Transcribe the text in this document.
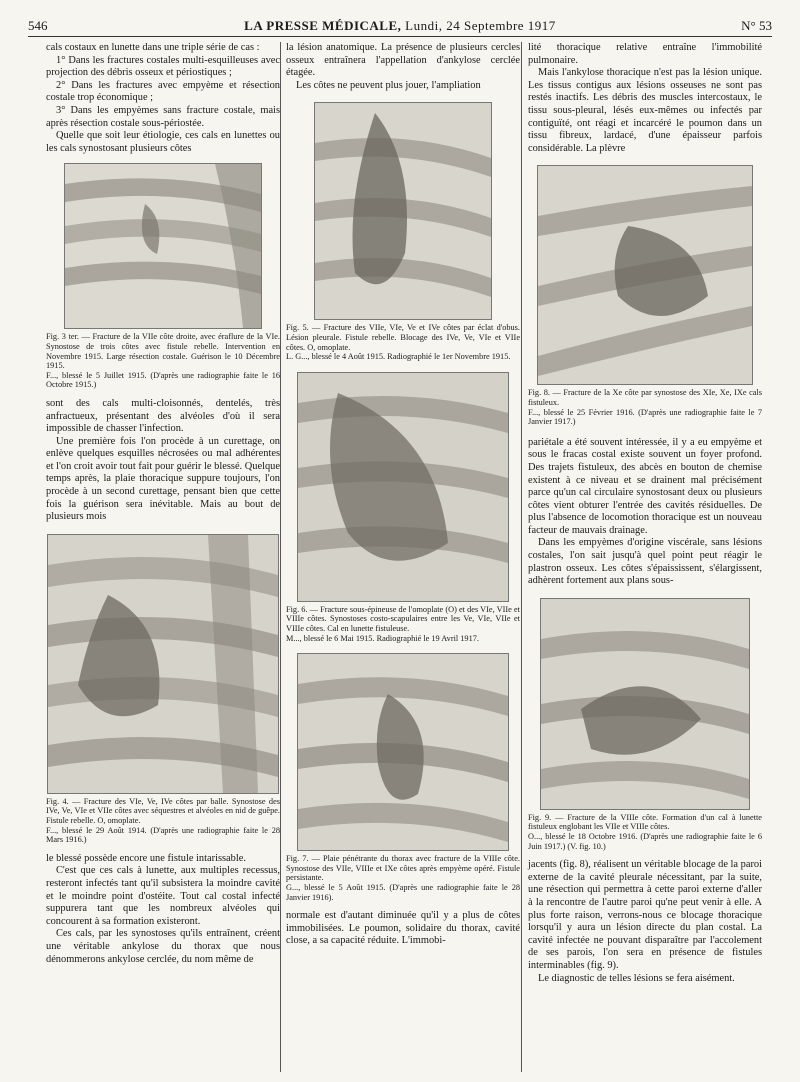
546	LA PRESSE MÉDICALE, Lundi, 24 Septembre 1917	N° 53

cals costaux en lunette dans une triple série de cas :

1° Dans les fractures costales multi-esquilleuses avec projection des débris osseux et périostiques ;

2° Dans les fractures avec empyème et résection costale trop économique ;

3° Dans les empyèmes sans fracture costale, mais après résection costale sous-périostée.

Quelle que soit leur étiologie, ces cals en lunettes ou les cals synostosant plusieurs côtes

Fig. 3 ter. — Fracture de la VIIe côte droite, avec éraflure de la VIe. Synostose de trois côtes avec fistule rebelle. Intervention en Novembre 1915. Large résection costale. Guérison le 10 Décembre 1915.

F..., blessé le 5 Juillet 1915. (D'après une radiographie faite le 16 Octobre 1915.)

sont des cals multi-cloisonnés, dentelés, très anfractueux, présentant des alvéoles d'où il sera impossible de chasser l'infection.

Une première fois l'on procède à un curettage, on enlève quelques esquilles nécrosées ou mal adhérentes et l'on croit avoir tout fait pour guérir le blessé. Quelque temps après, la plaie thoracique suppure toujours, l'on procède à un second curettage, pensant bien que cette fois la guérison sera inévitable. Mais au bout de plusieurs mois

Fig. 4. — Fracture des VIe, Ve, IVe côtes par balle. Synostose des IVe, Ve, VIe et VIIe côtes avec séquestres et alvéoles en nid de guêpe. Fistule rebelle. O, omoplate.

F..., blessé le 29 Août 1914. (D'après une radiographie faite le 28 Mars 1916.)

le blessé possède encore une fistule intarissable.

C'est que ces cals à lunette, aux multiples recessus, resteront infectés tant qu'il subsistera la moindre cavité et le moindre point d'ostéite. Tout cal costal infecté suppurera tant que les nombreux alvéoles qui concourent à sa formation existeront.

Ces cals, par les synostoses qu'ils entraînent, créent une véritable ankylose du thorax que nous dénommerons ankylose cerclée, du nom même de

la lésion anatomique. La présence de plusieurs cercles osseux entraînera l'appellation d'ankylose cerclée étagée.

Les côtes ne peuvent plus jouer, l'ampliation

Fig. 5. — Fracture des VIIe, VIe, Ve et IVe côtes par éclat d'obus. Lésion pleurale. Fistule rebelle. Blocage des IVe, Ve, VIe et VIIe côtes. O, omoplate.

L. G..., blessé le 4 Août 1915. Radiographié le 1er Novembre 1915.

Fig. 6. — Fracture sous-épineuse de l'omoplate (O) et des VIe, VIIe et VIIIe côtes. Synostoses costo-scapulaires entre les Ve, VIe, VIIe et VIIIe côtes. Cal en lunette fistuleuse.

M..., blessé le 6 Mai 1915. Radiographié le 19 Avril 1917.

Fig. 7. — Plaie pénétrante du thorax avec fracture de la VIIIe côte. Synostose des VIIe, VIIIe et IXe côtes après empyème opéré. Fistule persistante.

G..., blessé le 5 Août 1915. (D'après une radiographie faite le 28 Janvier 1916).

normale est d'autant diminuée qu'il y a plus de côtes immobilisées. Le poumon, solidaire du thorax, cavité close, a sa capacité réduite. L'immobi-

lité thoracique relative entraîne l'immobilité pulmonaire.

Mais l'ankylose thoracique n'est pas la lésion unique. Les tissus contigus aux lésions osseuses ne sont pas restés inactifs. Les débris des muscles intercostaux, le tissu sous-pleural, lésés eux-mêmes ou infectés par contiguïté, ont réagi et incarcéré le poumon dans un tissu fibreux, lardacé, d'une épaisseur parfois considérable. La plèvre

Fig. 8. — Fracture de la Xe côte par synostose des XIe, Xe, IXe cals fistuleux.

F..., blessé le 25 Février 1916. (D'après une radiographie faite le 7 Janvier 1917.)

pariétale a été souvent intéressée, il y a eu empyème et sous le fracas costal existe souvent un foyer profond. Des trajets fistuleux, des abcès en bouton de chemise existent à ce niveau et se drainent mal précisément parce qu'un cal circulaire synostosant deux ou plusieurs côtes vient obturer l'entrée des cavités résiduelles. De plus l'absence de locomotion thoracique est un nouveau facteur de mauvais drainage.

Dans les empyèmes d'origine viscérale, sans lésions costales, l'on sait jusqu'à quel point peut réagir le plastron osseux. Les côtes s'épaississent, s'élargissent, adhèrent fortement aux plans sous-

Fig. 9. — Fracture de la VIIIe côte. Formation d'un cal à lunette fistuleux englobant les VIIe et VIIIe côtes.

O..., blessé le 18 Octobre 1916. (D'après une radiographie faite le 6 Juin 1917.) (V. fig. 10.)

jacents (fig. 8), réalisent un véritable blocage de la paroi externe de la cavité pleurale nécessitant, par la suite, une résection qui permettra à cette paroi externe d'aller à la rencontre de l'autre paroi qu'ne peut venir à elle. A plus forte raison, verrons-nous ce blocage thoracique lorsqu'il y aura un lésion directe du plan costal. La cavité infectée ne pouvant disparaître par l'accolement de ses parois, l'on sera en présence de fistules interminables (fig. 9).

Le diagnostic de telles lésions se fera aisément.
